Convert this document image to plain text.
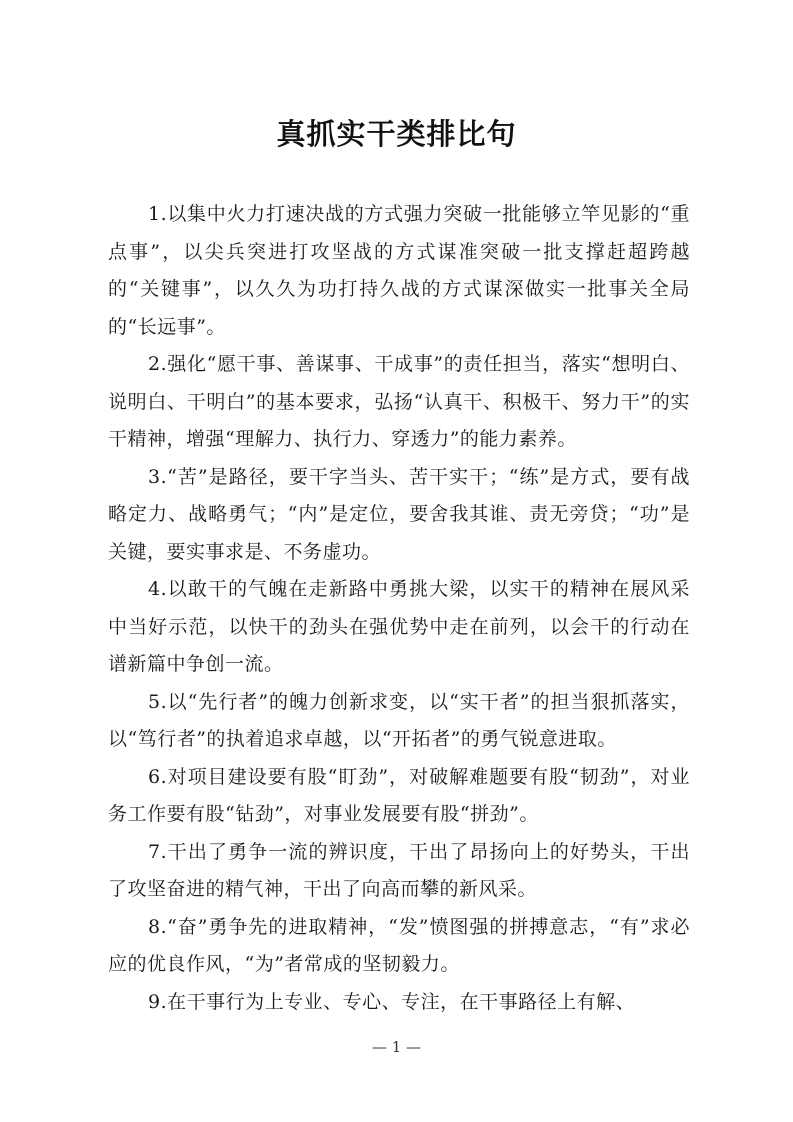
真抓实干类排比句

1.以集中火力打速决战的方式强力突破一批能够立竿见影的“重点事”，以尖兵突进打攻坚战的方式谋准突破一批支撑赶超跨越的“关键事”，以久久为功打持久战的方式谋深做实一批事关全局的“长远事”。

2.强化“愿干事、善谋事、干成事”的责任担当，落实“想明白、说明白、干明白”的基本要求，弘扬“认真干、积极干、努力干”的实干精神，增强“理解力、执行力、穿透力”的能力素养。

3.“苦”是路径，要干字当头、苦干实干；“练”是方式，要有战略定力、战略勇气；“内”是定位，要舍我其谁、责无旁贷；“功”是关键，要实事求是、不务虚功。

4.以敢干的气魄在走新路中勇挑大梁，以实干的精神在展风采中当好示范，以快干的劲头在强优势中走在前列，以会干的行动在谱新篇中争创一流。

5.以“先行者”的魄力创新求变，以“实干者”的担当狠抓落实，以“笃行者”的执着追求卓越，以“开拓者”的勇气锐意进取。

6.对项目建设要有股“盯劲”，对破解难题要有股“韧劲”，对业务工作要有股“钻劲”，对事业发展要有股“拼劲”。

7.干出了勇争一流的辨识度，干出了昂扬向上的好势头，干出了攻坚奋进的精气神，干出了向高而攀的新风采。

8.“奋”勇争先的进取精神，“发”愤图强的拼搏意志，“有”求必应的优良作风，“为”者常成的坚韧毅力。

9.在干事行为上专业、专心、专注，在干事路径上有解、

— 1 —
